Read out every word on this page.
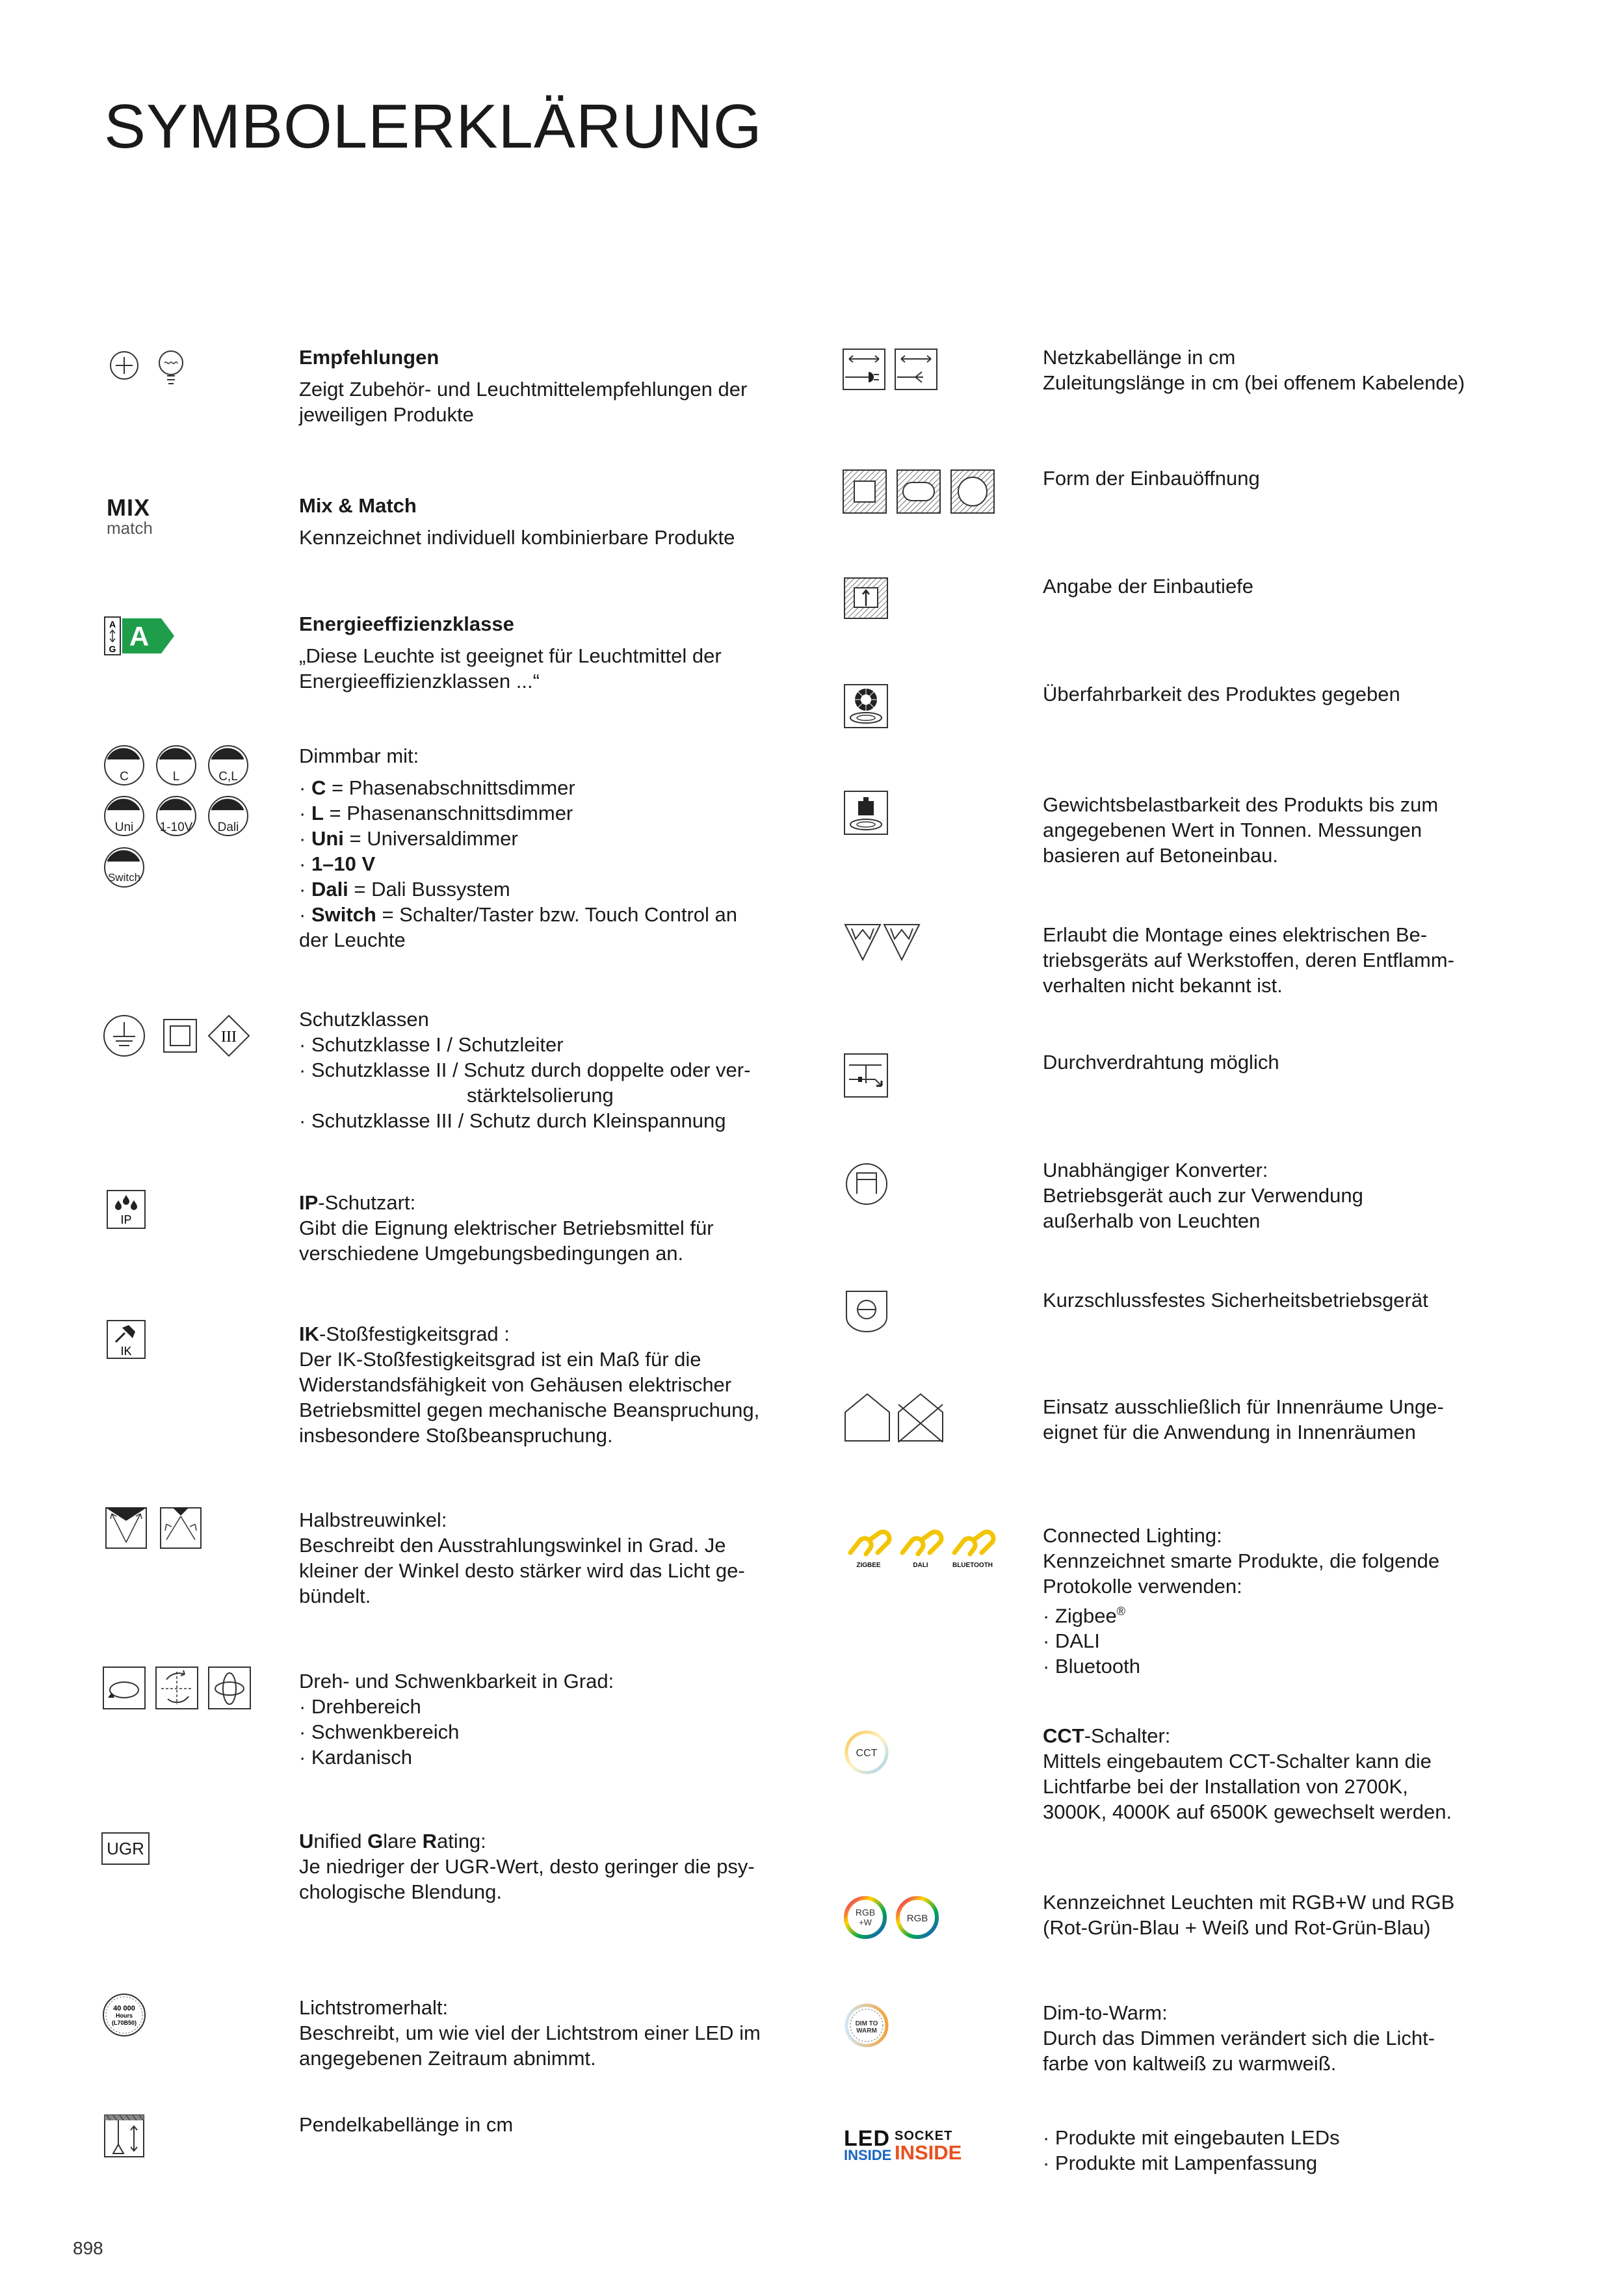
SYMBOLERKLÄRUNG

Empfehlungen

Zeigt Zubehör- und Leuchtmittelempfehlungen der jeweiligen Produkte

MIX
match

Mix & Match

Kennzeichnet individuell kombinierbare Produkte

A
G A	Energieeffizienzklasse

„Diese Leuchte ist geeignet für Leuchtmittel der Energieeffizienzklassen ...“

C	L	C,L
Uni 1-10V Dali
Switch

Dimmbar mit:

· C = Phasenabschnittsdimmer

· L = Phasenanschnittsdimmer

· Uni = Universaldimmer

· 1–10 V

· Dali = Dali Bussystem

· Switch = Schalter/Taster bzw. Touch Control an der Leuchte

III

Schutzklassen

· Schutzklasse I / Schutzleiter

· Schutzklasse II / Schutz durch doppelte oder ver-

stärktelsolierung

· Schutzklasse III / Schutz durch Kleinspannung

IP

IP-Schutzart:

Gibt die Eignung elektrischer Betriebsmittel für verschiedene Umgebungsbedingungen an.

IK

IK-Stoßfestigkeitsgrad :

Der IK-Stoßfestigkeitsgrad ist ein Maß für die Widerstandsfähigkeit von Gehäusen elektrischer Betriebsmittel gegen mechanische Beanspruchung, insbesondere Stoßbeanspruchung.

Halbstreuwinkel:

Beschreibt den Ausstrahlungswinkel in Grad. Je kleiner der Winkel desto stärker wird das Licht ge-bündelt.

Dreh- und Schwenkbarkeit in Grad:

· Drehbereich

· Schwenkbereich

· Kardanisch

UGR	Unified Glare Rating:

Je niedriger der UGR-Wert, desto geringer die psy-chologische Blendung.

40 000
Hours
(L70B50)

Lichtstromerhalt:

Beschreibt, um wie viel der Lichtstrom einer LED im angegebenen Zeitraum abnimmt.

Pendelkabellänge in cm

Netzkabellänge in cm

Zuleitungslänge in cm (bei offenem Kabelende)

Form der Einbauöffnung

Angabe der Einbautiefe

Überfahrbarkeit des Produktes gegeben

Gewichtsbelastbarkeit des Produkts bis zum angegebenen Wert in Tonnen. Messungen basieren auf Betoneinbau.

Erlaubt die Montage eines elektrischen Be-

triebsgeräts auf Werkstoffen, deren Entflamm-

verhalten nicht bekannt ist.

Durchverdrahtung möglich

Unabhängiger Konverter:

Betriebsgerät auch zur Verwendung außerhalb von Leuchten

Kurzschlussfestes Sicherheitsbetriebsgerät

Einsatz ausschließlich für Innenräume Unge-

eignet für die Anwendung in Innenräumen

ZIGBEE	DALI	BLUETOOTH

Connected Lighting:

Kennzeichnet smarte Produkte, die folgende Protokolle verwenden:

· Zigbee®

· DALI

· Bluetooth

CCT

CCT-Schalter:

Mittels eingebautem CCT-Schalter kann die Lichtfarbe bei der Installation von 2700K, 3000K, 4000K auf 6500K gewechselt werden.

RGB
+W	RGB

Kennzeichnet Leuchten mit RGB+W und RGB

(Rot-Grün-Blau + Weiß und Rot-Grün-Blau)

DIM TO
WARM

Dim-to-Warm:

Durch das Dimmen verändert sich die Licht-

farbe von kaltweiß zu warmweiß.

LED
INSIDE
SOCKET
INSIDE

· Produkte mit eingebauten LEDs

· Produkte mit Lampenfassung

898
